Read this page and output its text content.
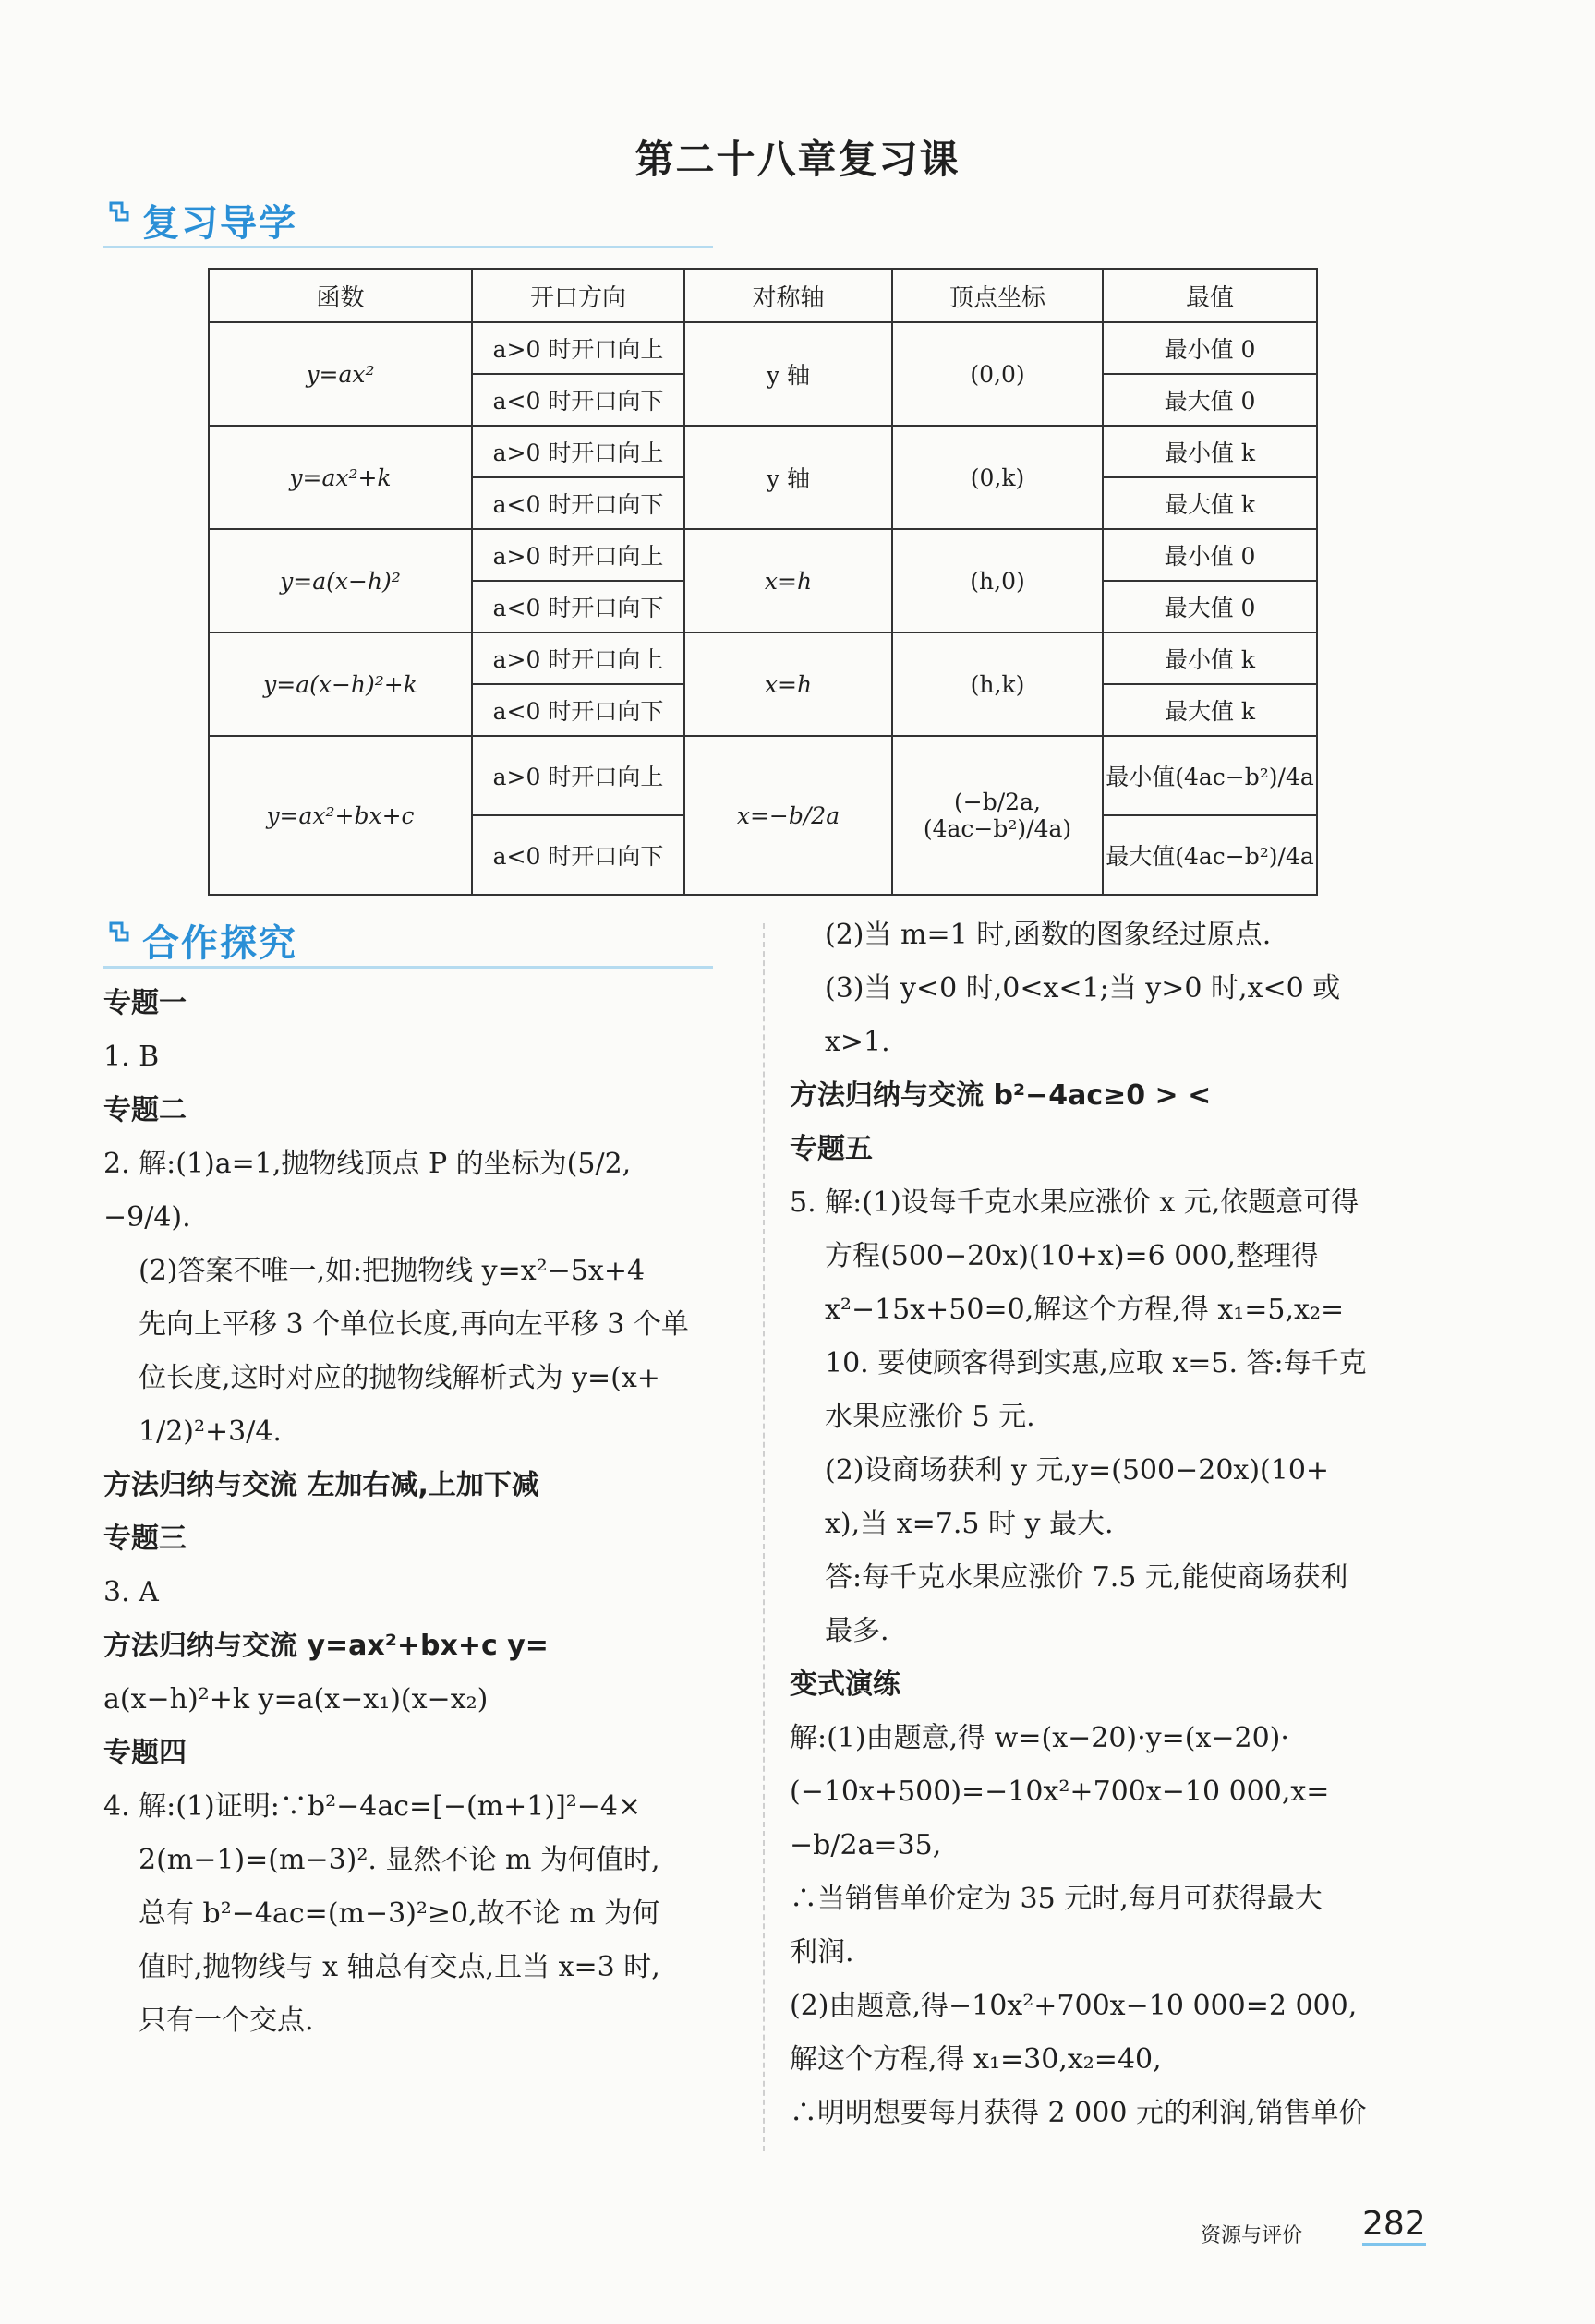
第二十八章复习课
复习导学
函数	开口方向	对称轴	顶点坐标	最值
y=ax²	a>0 时开口向上	y 轴	(0,0)	最小值 0
	a<0 时开口向下			最大值 0
y=ax²+k	a>0 时开口向上	y 轴	(0,k)	最小值 k
	a<0 时开口向下			最大值 k
y=a(x−h)²	a>0 时开口向上	x=h	(h,0)	最小值 0
	a<0 时开口向下			最大值 0
y=a(x−h)²+k	a>0 时开口向上	x=h	(h,k)	最小值 k
	a<0 时开口向下			最大值 k
y=ax²+bx+c	a>0 时开口向上	x=−b/2a	(−b/2a, (4ac−b²)/4a)	最小值(4ac−b²)/4a
	a<0 时开口向下			最大值(4ac−b²)/4a
合作探究

专题一

1. B

专题二

2. 解:(1)a=1,抛物线顶点 P 的坐标为(5/2,

−9/4).

(2)答案不唯一,如:把抛物线 y=x²−5x+4

先向上平移 3 个单位长度,再向左平移 3 个单

位长度,这时对应的抛物线解析式为 y=(x+

1/2)²+3/4.

方法归纳与交流 左加右减,上加下减

专题三

3. A

方法归纳与交流 y=ax²+bx+c y=

a(x−h)²+k y=a(x−x₁)(x−x₂)

专题四

4. 解:(1)证明:∵b²−4ac=[−(m+1)]²−4×

2(m−1)=(m−3)². 显然不论 m 为何值时,

总有 b²−4ac=(m−3)²≥0,故不论 m 为何

值时,抛物线与 x 轴总有交点,且当 x=3 时,

只有一个交点.

(2)当 m=1 时,函数的图象经过原点.

(3)当 y<0 时,0<x<1;当 y>0 时,x<0 或

x>1.

方法归纳与交流 b²−4ac≥0 > <

专题五

5. 解:(1)设每千克水果应涨价 x 元,依题意可得

方程(500−20x)(10+x)=6 000,整理得

x²−15x+50=0,解这个方程,得 x₁=5,x₂=

10. 要使顾客得到实惠,应取 x=5. 答:每千克

水果应涨价 5 元.

(2)设商场获利 y 元,y=(500−20x)(10+

x),当 x=7.5 时 y 最大.

答:每千克水果应涨价 7.5 元,能使商场获利

最多.

变式演练

解:(1)由题意,得 w=(x−20)·y=(x−20)·

(−10x+500)=−10x²+700x−10 000,x=

−b/2a=35,

∴当销售单价定为 35 元时,每月可获得最大

利润.

(2)由题意,得−10x²+700x−10 000=2 000,

解这个方程,得 x₁=30,x₂=40,

∴明明想要每月获得 2 000 元的利润,销售单价

资源与评价 282
